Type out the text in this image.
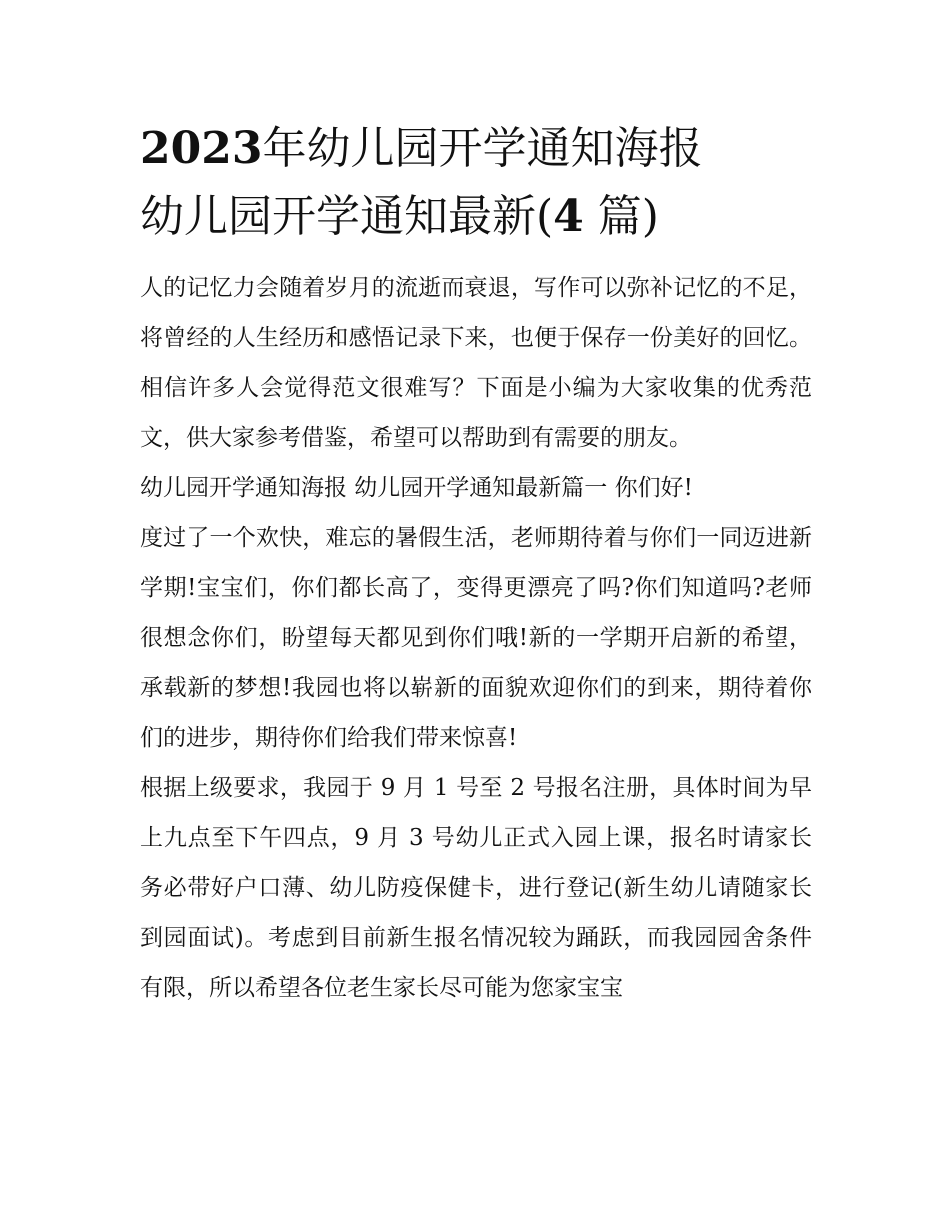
2023年幼儿园开学通知海报
幼儿园开学通知最新(4 篇)

人的记忆力会随着岁月的流逝而衰退，写作可以弥补记忆的不足，将曾经的人生经历和感悟记录下来，也便于保存一份美好的回忆。相信许多人会觉得范文很难写？下面是小编为大家收集的优秀范文，供大家参考借鉴，希望可以帮助到有需要的朋友。

幼儿园开学通知海报 幼儿园开学通知最新篇一 你们好!

度过了一个欢快，难忘的暑假生活，老师期待着与你们一同迈进新学期!宝宝们，你们都长高了，变得更漂亮了吗?你们知道吗?老师很想念你们，盼望每天都见到你们哦!新的一学期开启新的希望，承载新的梦想!我园也将以崭新的面貌欢迎你们的到来，期待着你们的进步，期待你们给我们带来惊喜!

根据上级要求，我园于 9 月 1 号至 2 号报名注册，具体时间为早上九点至下午四点，9 月 3 号幼儿正式入园上课，报名时请家长务必带好户口薄、幼儿防疫保健卡，进行登记(新生幼儿请随家长到园面试)。考虑到目前新生报名情况较为踊跃，而我园园舍条件有限，所以希望各位老生家长尽可能为您家宝宝
